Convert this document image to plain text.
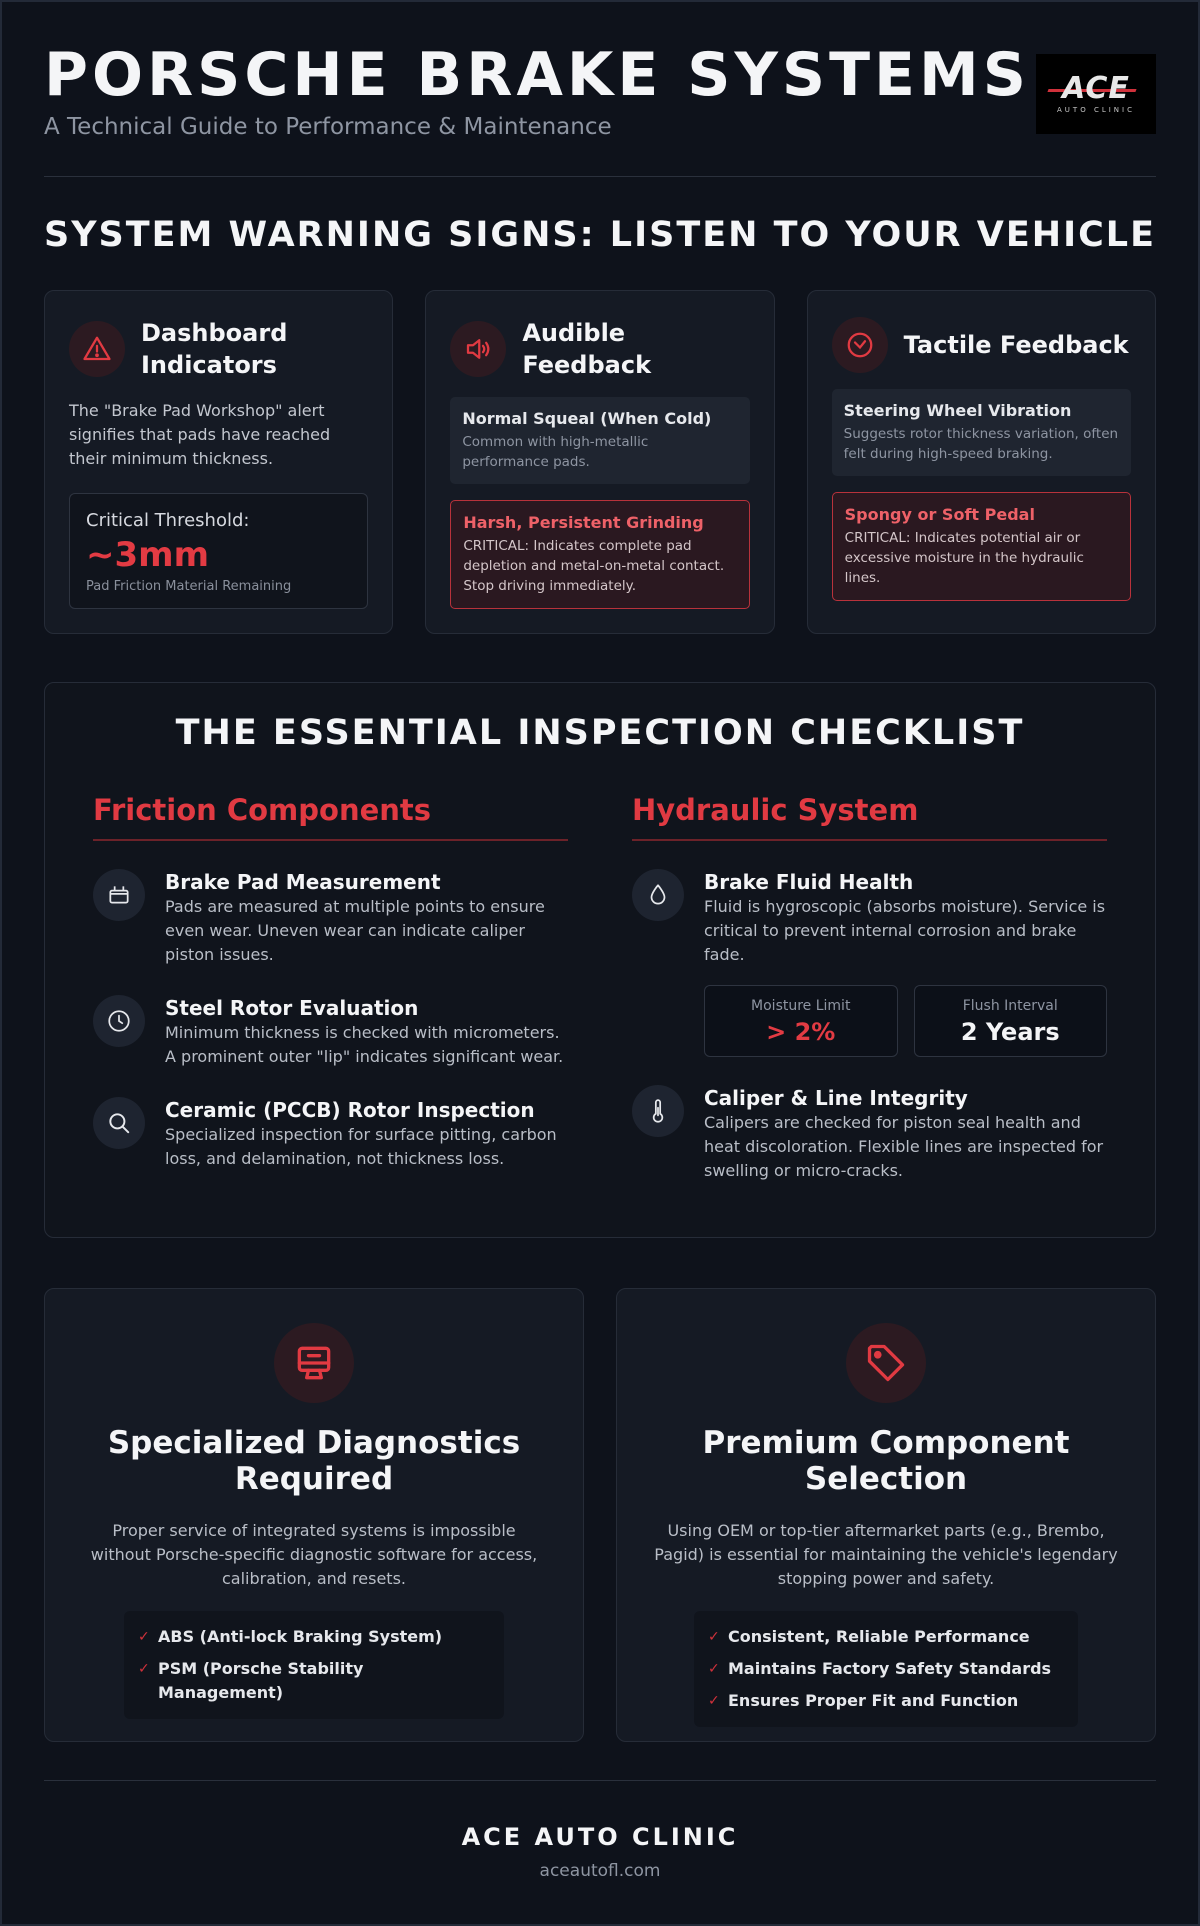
PORSCHE BRAKE SYSTEMS
A Technical Guide to Performance & Maintenance
ACE
AUTO CLINIC
SYSTEM WARNING SIGNS: LISTEN TO YOUR VEHICLE
Dashboard Indicators
The "Brake Pad Workshop" alert signifies that pads have reached their minimum thickness.
Critical Threshold:
~3mm
Pad Friction Material Remaining
Audible Feedback
Normal Squeal (When Cold)
Common with high-metallic performance pads.
Harsh, Persistent Grinding
CRITICAL: Indicates complete pad depletion and metal-on-metal contact. Stop driving immediately.
Tactile Feedback
Steering Wheel Vibration
Suggests rotor thickness variation, often felt during high-speed braking.
Spongy or Soft Pedal
CRITICAL: Indicates potential air or excessive moisture in the hydraulic lines.
THE ESSENTIAL INSPECTION CHECKLIST
Friction Components
Brake Pad Measurement
Pads are measured at multiple points to ensure even wear. Uneven wear can indicate caliper piston issues.
Steel Rotor Evaluation
Minimum thickness is checked with micrometers. A prominent outer "lip" indicates significant wear.
Ceramic (PCCB) Rotor Inspection
Specialized inspection for surface pitting, carbon loss, and delamination, not thickness loss.
Hydraulic System
Brake Fluid Health
Fluid is hygroscopic (absorbs moisture). Service is critical to prevent internal corrosion and brake fade.
Moisture Limit
> 2%
Flush Interval
2 Years
Caliper & Line Integrity
Calipers are checked for piston seal health and heat discoloration. Flexible lines are inspected for swelling or micro-cracks.
Specialized Diagnostics Required
Proper service of integrated systems is impossible without Porsche-specific diagnostic software for access, calibration, and resets.
✓ ABS (Anti-lock Braking System)
✓ PSM (Porsche Stability Management)
Premium Component Selection
Using OEM or top-tier aftermarket parts (e.g., Brembo, Pagid) is essential for maintaining the vehicle's legendary stopping power and safety.
✓ Consistent, Reliable Performance
✓ Maintains Factory Safety Standards
✓ Ensures Proper Fit and Function
ACE AUTO CLINIC
aceautofl.com
